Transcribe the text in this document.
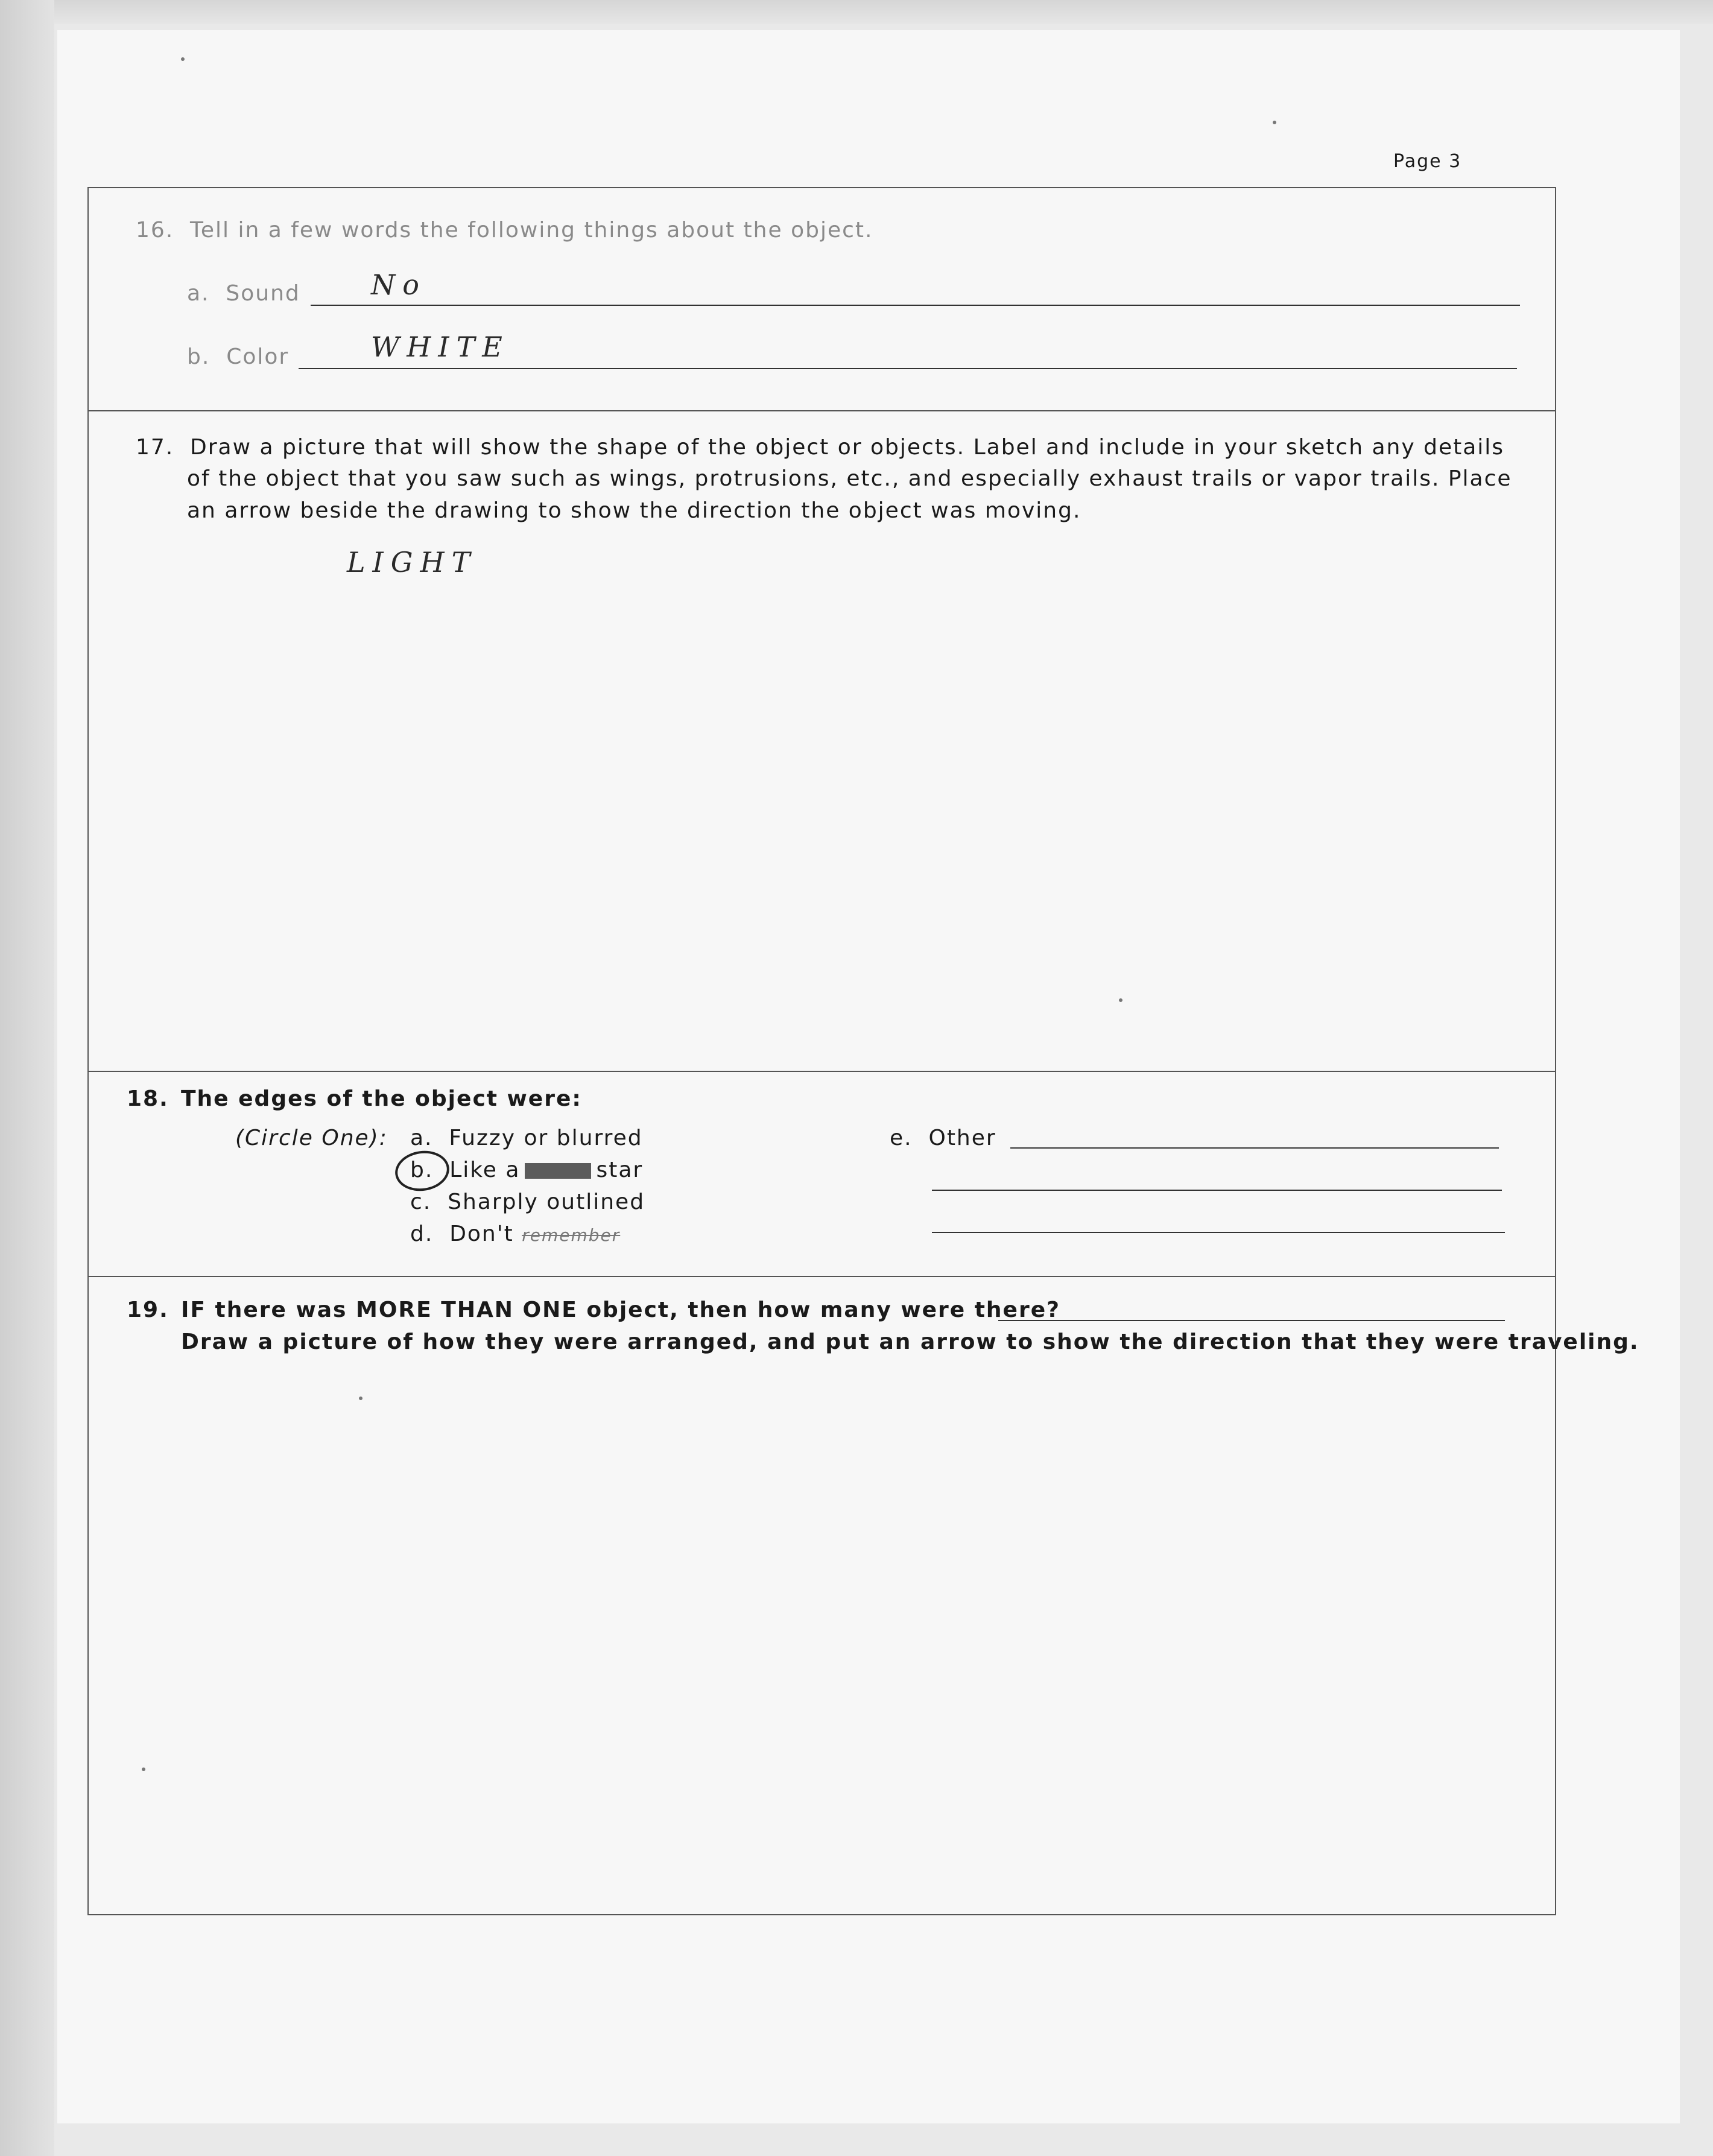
Page 3
16. Tell in a few words the following things about the object.
a. Sound	No
b. Color	WHITE
17. Draw a picture that will show the shape of the object or objects. Label and include in your sketch any details
of the object that you saw such as wings, protrusions, etc., and especially exhaust trails or vapor trails. Place
an arrow beside the drawing to show the direction the object was moving.
LIGHT
18. The edges of the object were:
(Circle One): a. Fuzzy or blurred
b. Like a	star
c. Sharply outlined
d. Don't remember
e. Other
19. IF there was MORE THAN ONE object, then how many were there?
Draw a picture of how they were arranged, and put an arrow to show the direction that they were traveling.
